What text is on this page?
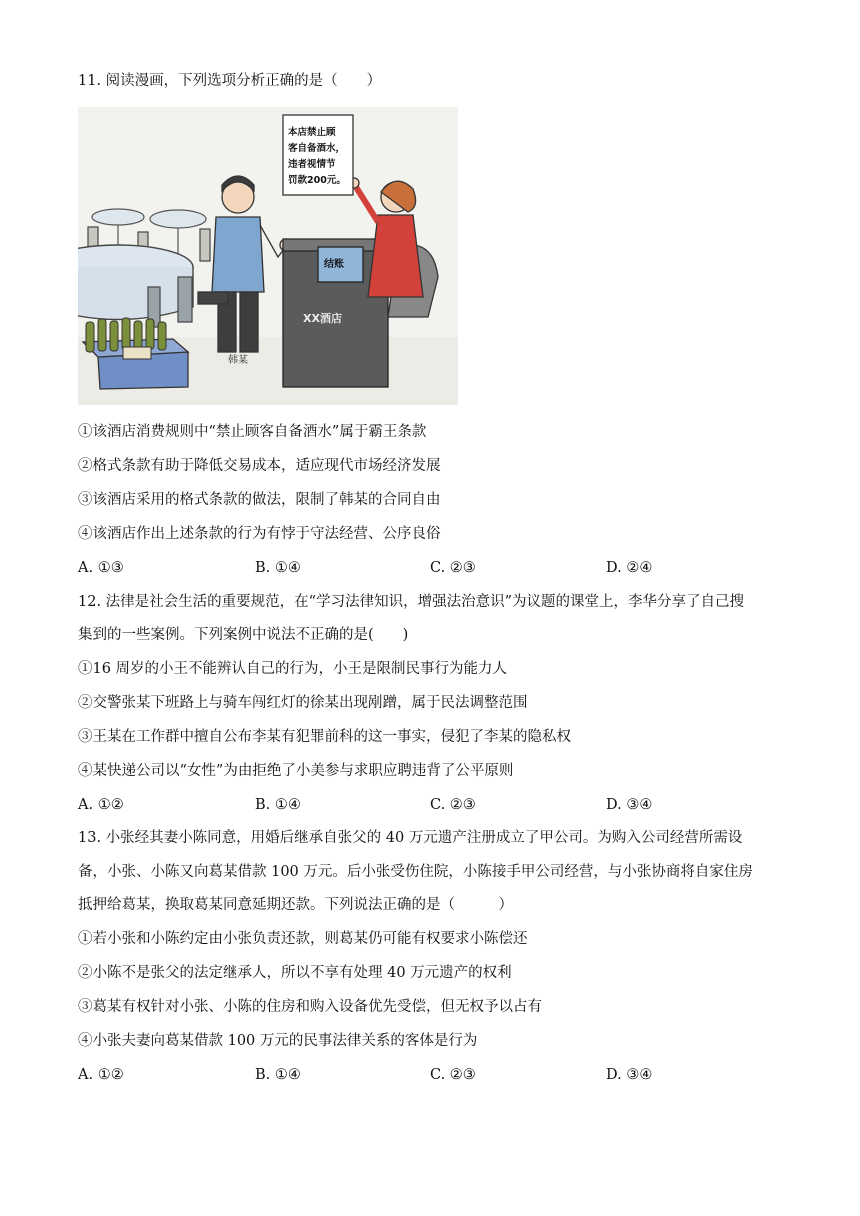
11. 阅读漫画，下列选项分析正确的是（　　）
韩某
XX酒店
结账
本店禁止顾 客自备酒水， 违者视情节 罚款200元。
①该酒店消费规则中“禁止顾客自备酒水”属于霸王条款
②格式条款有助于降低交易成本，适应现代市场经济发展
③该酒店采用的格式条款的做法，限制了韩某的合同自由
④该酒店作出上述条款的行为有悖于守法经营、公序良俗
A. ①③	B. ①④	C. ②③	D. ②④
12. 法律是社会生活的重要规范，在“学习法律知识，增强法治意识”为议题的课堂上，李华分享了自己搜
集到的一些案例。下列案例中说法不正确的是(　　)
①16 周岁的小王不能辨认自己的行为，小王是限制民事行为能力人
②交警张某下班路上与骑车闯红灯的徐某出现剐蹭，属于民法调整范围
③王某在工作群中擅自公布李某有犯罪前科的这一事实，侵犯了李某的隐私权
④某快递公司以“女性”为由拒绝了小美参与求职应聘违背了公平原则
A. ①②	B. ①④	C. ②③	D. ③④
13. 小张经其妻小陈同意，用婚后继承自张父的 40 万元遗产注册成立了甲公司。为购入公司经营所需设
备，小张、小陈又向葛某借款 100 万元。后小张受伤住院，小陈接手甲公司经营，与小张协商将自家住房
抵押给葛某，换取葛某同意延期还款。下列说法正确的是（　　　）
①若小张和小陈约定由小张负责还款，则葛某仍可能有权要求小陈偿还
②小陈不是张父的法定继承人，所以不享有处理 40 万元遗产的权利
③葛某有权针对小张、小陈的住房和购入设备优先受偿，但无权予以占有
④小张夫妻向葛某借款 100 万元的民事法律关系的客体是行为
A. ①②	B. ①④	C. ②③	D. ③④
